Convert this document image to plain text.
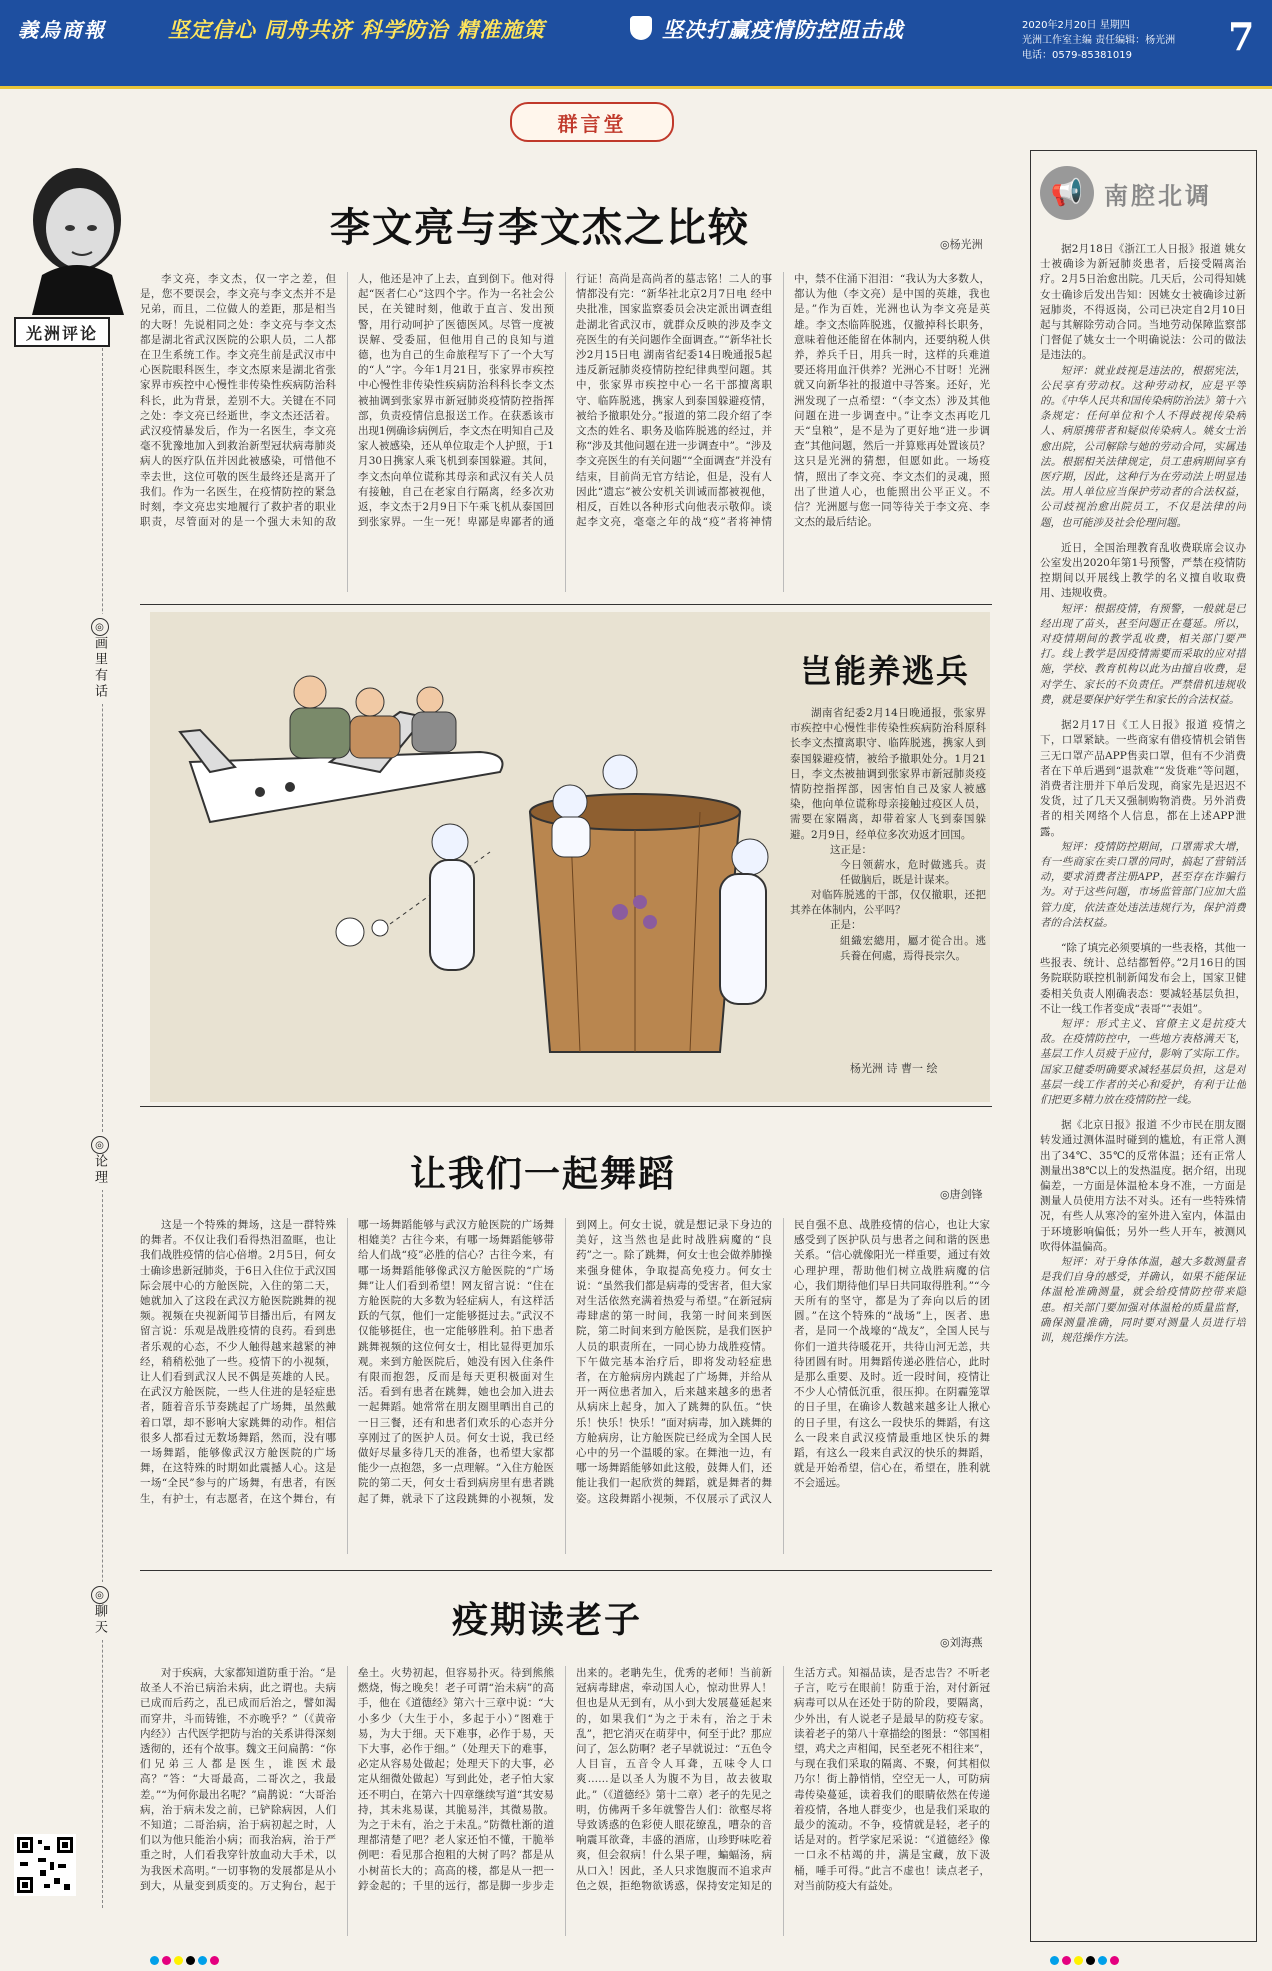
義烏商報	坚定信心 同舟共济 科学防治 精准施策	坚决打赢疫情防控阻击战	2020年2月20日 星期四
光洲工作室主编 责任编辑：杨光洲
电话：0579-85381019	7
群言堂
光洲评论
◎
画里有话
◎
论理
◎
聊天
李文亮与李文杰之比较	◎杨光洲

李文亮，李文杰，仅一字之差，但是，您不要误会，李文亮与李文杰并不是兄弟，而且，二位做人的差距，那是相当的大呀！先说相同之处：李文亮与李文杰都是湖北省武汉医院的公职人员，二人都在卫生系统工作。李文亮生前是武汉市中心医院眼科医生，李文杰原来是湖北省张家界市疾控中心慢性非传染性疾病防治科科长，此为背景，差别不大。关键在不同之处：李文亮已经逝世，李文杰还活着。武汉疫情暴发后，作为一名医生，李文亮毫不犹豫地加入到救治新型冠状病毒肺炎病人的医疗队伍并因此被感染，可惜他不幸去世，这位可敬的医生最终还是离开了我们。作为一名医生，在疫情防控的紧急时刻，李文亮忠实地履行了救护者的职业职责，尽管面对的是一个强大未知的敌人，他还是冲了上去，直到倒下。他对得起“医者仁心”这四个字。作为一名社会公民，在关键时刻，他敢于直言、发出预警，用行动呵护了医德医风。尽管一度被误解、受委屈，但他用自己的良知与道德，也为自己的生命旅程写下了一个大写的“人”字。今年1月21日，张家界市疾控中心慢性非传染性疾病防治科科长李文杰被抽调到张家界市新冠肺炎疫情防控指挥部，负责疫情信息报送工作。在获悉该市出现1例确诊病例后，李文杰在明知自己及家人被感染，还从单位取走个人护照，于1月30日携家人乘飞机到泰国躲避。其间，李文杰向单位谎称其母亲和武汉有关人员有接触，自己在老家自行隔离，经多次劝返，李文杰于2月9日下午乘飞机从泰国回到张家界。一生一死！卑鄙是卑鄙者的通行证！高尚是高尚者的墓志铭！二人的事情都没有完：“新华社北京2月7日电 经中央批准，国家监察委员会决定派出调查组赴湖北省武汉市，就群众反映的涉及李文亮医生的有关问题作全面调查。”“新华社长沙2月15日电 湖南省纪委14日晚通报5起违反新冠肺炎疫情防控纪律典型问题。其中，张家界市疾控中心一名干部擅离职守、临阵脱逃，携家人到泰国躲避疫情，被给予撤职处分。”报道的第二段介绍了李文杰的姓名、职务及临阵脱逃的经过，并称“涉及其他问题在进一步调查中”。“涉及李文亮医生的有关问题”“全面调查”并没有结束，目前尚无官方结论，但是，没有人因此“遗忘”被公安机关训诫而都被视他，相反，百姓以各种形式向他表示敬仰。谈起李文亮，毫毫之年的战“疫”者将神情中，禁不住涌下泪泪：“我认为大多数人，都认为他（李文亮）是中国的英雄，我也是。”作为百姓，光洲也认为李文亮是英雄。李文杰临阵脱逃，仅撤掉科长职务，意味着他还能留在体制内，还要纳税人供养，养兵千日，用兵一时，这样的兵难道要还将用血汗供养？光洲心不甘呀！光洲就又向新华社的报道中寻答案。还好，光洲发现了一点希望：“（李文杰）涉及其他问题在进一步调查中。”让李文杰再吃几天“皇粮”，是不是为了更好地“进一步调查”其他问题，然后一并算账再处置该员？这只是光洲的猜想，但愿如此。一场疫情，照出了李文亮、李文杰们的灵魂，照出了世道人心，也能照出公平正义。不信？光洲愿与您一同等待关于李文亮、李文杰的最后结论。

岂能养逃兵

湖南省纪委2月14日晚通报，张家界市疾控中心慢性非传染性疾病防治科原科长李文杰擅离职守、临阵脱逃，携家人到泰国躲避疫情，被给予撤职处分。1月21日，李文杰被抽调到张家界市新冠肺炎疫情防控指挥部，因害怕自己及家人被感染，他向单位谎称母亲接触过疫区人员，需要在家隔离，却带着家人飞到泰国躲避。2月9日，经单位多次劝返才回国。

这正是：
今日领薪水，危时做逃兵。责任做脑后，既是计谋来。

对临阵脱逃的干部，仅仅撤职，还把其养在体制内，公平吗？

正是：
組織宏總用，屬才從合出。逃兵養在何處，焉得長宗久。
杨光洲 诗 曹一 绘
让我们一起舞蹈	◎唐剑锋

这是一个特殊的舞场，这是一群特殊的舞者。不仅让我们看得热泪盈眶，也让我们战胜疫情的信心倍增。2月5日，何女士确诊患新冠肺炎，于6日入住位于武汉国际会展中心的方舱医院，入住的第二天，她就加入了这段在武汉方舱医院跳舞的视频。视频在央视新闻节目播出后，有网友留言说：乐观是战胜疫情的良药。看到患者乐观的心态，不少人触得越来越紧的神经，稍稍松弛了一些。疫情下的小视频，让人们看到武汉人民不偶是英雄的人民。在武汉方舱医院，一些人住进的是轻症患者，随着音乐节奏跳起了广场舞，虽然戴着口罩，却不影响大家跳舞的动作。相信很多人都看过无数场舞蹈，然而，没有哪一场舞蹈，能够像武汉方舱医院的广场舞，在这特殊的时期如此震撼人心。这是一场“全民”参与的广场舞，有患者，有医生，有护士，有志愿者，在这个舞台，有哪一场舞蹈能够与武汉方舱医院的广场舞相媲美？古往今来，有哪一场舞蹈能够带给人们战“疫”必胜的信心？古往今来，有哪一场舞蹈能够像武汉方舱医院的“广场舞”让人们看到希望！网友留言说：“住在方舱医院的大多数为轻症病人，有这样活跃的气氛，他们一定能够挺过去。”武汉不仅能够挺住，也一定能够胜利。拍下患者跳舞视频的这位何女士，相比显得更加乐观。来到方舱医院后，她没有因入住条件有限而抱怨，反而是每天更积极面对生活。看到有患者在跳舞，她也会加入进去一起舞蹈。她常常在朋友圈里晒出自己的一日三餐，还有和患者们欢乐的心态并分享刚过了的医护人员。何女士说，我已经做好尽量多待几天的准备，也希望大家都能少一点抱怨，多一点理解。“入住方舱医院的第二天，何女士看到病房里有患者跳起了舞，就录下了这段跳舞的小视频，发到网上。何女士说，就是想记录下身边的美好，这当然也是此时战胜病魔的“良药”之一。除了跳舞，何女士也会做养肺操来强身健体，争取提高免疫力。何女士说：“虽然我们都是病毒的受害者，但大家对生活依然充满着热爱与希望。”在新冠病毒肆虐的第一时间，我第一时间来到医院，第二时间来到方舱医院，是我们医护人员的职责所在，一同心协力战胜疫情。下午做完基本治疗后，即将发动轻症患者，在方舱病房内跳起了广场舞，并给从开一两位患者加入，后来越来越多的患者从病床上起身，加入了跳舞的队伍。“快乐！快乐！快乐！”面对病毒，加入跳舞的方舱病房，让方舱医院已经成为全国人民心中的另一个温暖的家。在舞池一边，有哪一场舞蹈能够如此这般，鼓舞人们，还能让我们一起欣赏的舞蹈，就是舞者的舞姿。这段舞蹈小视频，不仅展示了武汉人民自强不息、战胜疫情的信心，也让大家感受到了医护队员与患者之间和谐的医患关系。“信心就像阳光一样重要，通过有效心理护理，帮助他们树立战胜病魔的信心，我们期待他们早日共同取得胜利。”“今天所有的坚守，都是为了奔向以后的团圆。”在这个特殊的“战场”上，医者、患者，是同一个战壕的“战友”，全国人民与你们一道共待暖花开，共待山河无恙，共待团圆有时。用舞蹈传递必胜信心，此时是那么重要、及时。近一段时间，疫情让不少人心情低沉重，很压抑。在阴霾笼罩的日子里，在确诊人数越来越多让人揪心的日子里，有这么一段快乐的舞蹈，有这么一段来自武汉疫情最重地区快乐的舞蹈，有这么一段来自武汉的快乐的舞蹈，就是开始希望，信心在，希望在，胜利就不会遥远。

疫期读老子
◎刘海燕

对于疾病，大家都知道防重于治。“是故圣人不治已病治未病，此之谓也。夫病已成而后药之，乱已成而后治之，譬如渴而穿井，斗而铸锥，不亦晚乎？”（《黄帝内经》）古代医学把防与治的关系讲得深刻透彻的，还有个故事。魏文王问扁鹊：“你们兄弟三人都是医生，谁医术最高？”答：“大哥最高，二哥次之，我最差。”“为何你最出名呢？”扁鹊说：“大哥治病，治于病未发之前，已铲除病因，人们不知道；二哥治病，治于病初起之时，人们以为他只能治小病；而我治病，治于严重之时，人们看我穿针放血动大手术，以为我医术高明。”一切事物的发展都是从小到大，从量变到质变的。万丈狗台，起于垒土。火势初起，但容易扑灭。待到熊熊燃烧，悔之晚矣！老子可谓“治未病”的高手，他在《道德经》第六十三章中说：“大小多少（大生于小，多起于小）”图难于易，为大于细。天下难事，必作于易，天下大事，必作于细。”（处理天下的难事，必定从容易处做起；处理天下的大事，必定从细微处做起）写到此处，老子怕大家还不明白，在第六十四章继续写道“其安易持，其未兆易谋，其脆易泮，其微易散。为之于未有，治之于未乱。”防微杜渐的道理都清楚了吧？老人家还怕不懂，干脆举例吧：看见那合抱粗的大树了吗？都是从小树苗长大的；高高的楼，都是从一把一鋍金起的；千里的远行，都是脚一步步走出来的。老聃先生，优秀的老师！当前新冠病毒肆虐，牵动国人心，惊动世界人！但也是从无到有，从小到大发展蔓延起来的，如果我们“为之于未有，治之于未乱”，把它消灭在萌芽中，何至于此？那应问了，怎么防啊？老子早就说过：“五色令人目盲，五音令人耳聋，五味令人口爽……是以圣人为腹不为目，故去彼取此。”（《道德经》第十二章）老子的先见之明，仿佛两千多年就警告人们：欲壑尽将导致诱惑的色彩使人眼花缭乱，嘈杂的音响震耳欲聋，丰盛的酒席，山珍野味吃着爽，但会叙病！什么果子哩，蝙蝠汤，病从口入！因此，圣人只求饱腹而不追求声色之娱，拒绝物欲诱惑，保持安定知足的生活方式。知福品读，是否忠告？不听老子言，吃亏在眼前！防重于治，对付新冠病毒可以从在还处于防的阶段，要隔离，少外出，有人说老子是最早的防疫专家。读着老子的第八十章描绘的图景：“邻国相望，鸡犬之声相闻，民至老死不相往来”，与现在我们采取的隔离、不聚，何其相似乃尔！街上静悄悄，空空无一人，可防病毒传染蔓延，读着我们的眼睛依然在传递着疫情，各地人群变少，也是我们采取的最少的流动。不争，疫情就是轻，老子的话是对的。哲学家尼采说：“《道德经》像一口永不枯竭的井，满是宝藏，放下汲桶，唾手可得。”此言不虚也！读点老子，对当前防疫大有益处。

📢 南腔北调

据2月18日《浙江工人日报》报道 姚女士被确诊为新冠肺炎患者，后接受隔离治疗。2月5日治愈出院。几天后，公司得知姚女士确诊后发出告知：因姚女士被确诊过新冠肺炎，不得返岗，公司已决定自2月10日起与其解除劳动合同。当地劳动保障监察部门督促了姚女士一个明确说法：公司的做法是违法的。

短评：就业歧视是违法的，根据宪法，公民享有劳动权。这种劳动权，应是平等的。《中华人民共和国传染病防治法》第十六条规定：任何单位和个人不得歧视传染病人、病原携带者和疑似传染病人。姚女士治愈出院，公司解除与她的劳动合同，实属违法。根据相关法律规定，员工患病期间享有医疗期，因此，这种行为在劳动法上明显违法。用人单位应当保护劳动者的合法权益，公司歧视治愈出院员工，不仅是法律的问题，也可能涉及社会伦理问题。

近日，全国治理教育乱收费联席会议办公室发出2020年第1号预警，严禁在疫情防控期间以开展线上教学的名义擅自收取费用、违规收费。

短评：根据疫情，有预警，一般就是已经出现了苗头，甚至问题正在蔓延。所以，对疫情期间的教学乱收费，相关部门要严打。线上教学是因疫情需要而采取的应对措施，学校、教育机构以此为由擅自收费，是对学生、家长的不负责任。严禁借机违规收费，就是要保护好学生和家长的合法权益。

据2月17日《工人日报》报道 疫情之下，口罩紧缺。一些商家有借疫情机会销售三无口罩产品APP售卖口罩，但有不少消费者在下单后遇到“退款难”“发货难”等问题，消费者注册并下单后发现，商家先是迟迟不发货，过了几天又强制购物消费。另外消费者的相关网络个人信息，都在上述APP泄露。

短评：疫情防控期间，口罩需求大增，有一些商家在卖口罩的同时，搞起了营销活动，要求消费者注册APP，甚至存在诈骗行为。对于这些问题，市场监管部门应加大监管力度，依法查处违法违规行为，保护消费者的合法权益。

“除了填完必须要填的一些表格，其他一些报表、统计、总结都暂停。”2月16日的国务院联防联控机制新闻发布会上，国家卫健委相关负责人刚确表态：要减轻基层负担，不让一线工作者变成“表哥”“表姐”。

短评：形式主义、官僚主义是抗疫大敌。在疫情防控中，一些地方表格满天飞，基层工作人员疲于应付，影响了实际工作。国家卫健委明确要求减轻基层负担，这是对基层一线工作者的关心和爱护，有利于让他们把更多精力放在疫情防控一线。

据《北京日报》报道 不少市民在朋友圈转发通过测体温时碰到的尴尬，有正常人测出了34℃、35℃的反常体温；还有正常人测量出38℃以上的发热温度。据介绍，出现偏差，一方面是体温枪本身不准，一方面是测量人员使用方法不对头。还有一些特殊情况，有些人从寒冷的室外进入室内，体温由于环境影响偏低；另外一些人开车，被测风吹得体温偏高。

短评：对于身体体温，越大多数测量者是我们自身的感受，并确认，如果不能保证体温枪准确测量，就会给疫情防控带来隐患。相关部门要加强对体温枪的质量监督，确保测量准确，同时要对测量人员进行培训，规范操作方法。
